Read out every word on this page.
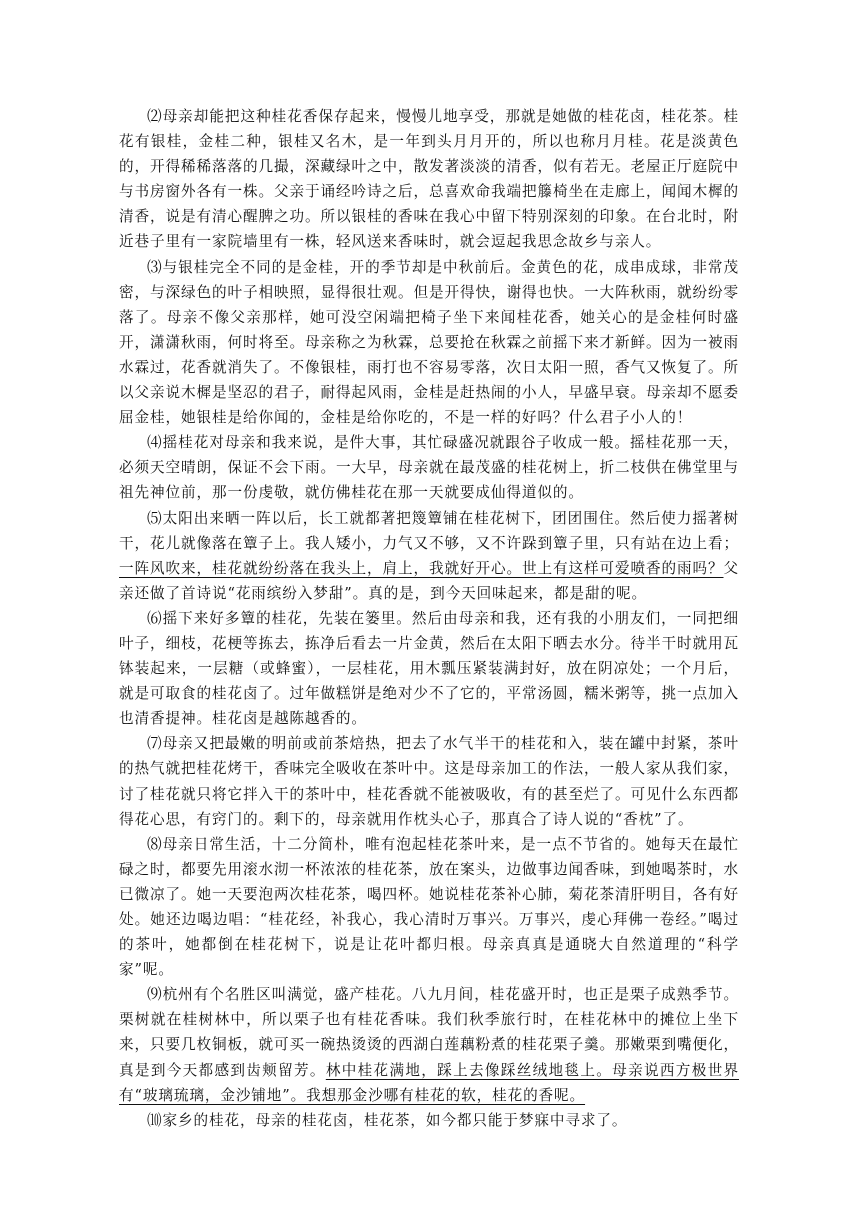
⑵母亲却能把这种桂花香保存起来，慢慢儿地享受，那就是她做的桂花卤，桂花茶。桂花有银桂，金桂二种，银桂又名木，是一年到头月月开的，所以也称月月桂。花是淡黄色的，开得稀稀落落的几撮，深藏绿叶之中，散发著淡淡的清香，似有若无。老屋正厅庭院中与书房窗外各有一株。父亲于诵经吟诗之后，总喜欢命我端把籐椅坐在走廊上，闻闻木樨的清香，说是有清心醒脾之功。所以银桂的香味在我心中留下特别深刻的印象。在台北时，附近巷子里有一家院墙里有一株，轻风送来香味时，就会逗起我思念故乡与亲人。

⑶与银桂完全不同的是金桂，开的季节却是中秋前后。金黄色的花，成串成球，非常茂密，与深绿色的叶子相映照，显得很壮观。但是开得快，谢得也快。一大阵秋雨，就纷纷零落了。母亲不像父亲那样，她可没空闲端把椅子坐下来闻桂花香，她关心的是金桂何时盛开，潇潇秋雨，何时将至。母亲称之为秋霖，总要抢在秋霖之前摇下来才新鲜。因为一被雨水霖过，花香就消失了。不像银桂，雨打也不容易零落，次日太阳一照，香气又恢复了。所以父亲说木樨是坚忍的君子，耐得起风雨，金桂是赶热闹的小人，早盛早衰。母亲却不愿委屈金桂，她银桂是给你闻的，金桂是给你吃的，不是一样的好吗？什么君子小人的！

⑷摇桂花对母亲和我来说，是件大事，其忙碌盛况就跟谷子收成一般。摇桂花那一天，必须天空晴朗，保证不会下雨。一大早，母亲就在最茂盛的桂花树上，折二枝供在佛堂里与祖先神位前，那一份虔敬，就仿佛桂花在那一天就要成仙得道似的。

⑸太阳出来晒一阵以后，长工就都著把篾簟铺在桂花树下，团团围住。然后使力摇著树干，花儿就像落在簟子上。我人矮小，力气又不够，又不许跺到簟子里，只有站在边上看；一阵风吹来，桂花就纷纷落在我头上，肩上，我就好开心。世上有这样可爱喷香的雨吗？父亲还做了首诗说“花雨缤纷入梦甜”。真的是，到今天回味起来，都是甜的呢。

⑹摇下来好多簟的桂花，先装在篓里。然后由母亲和我，还有我的小朋友们，一同把细叶子，细枝，花梗等拣去，拣净后看去一片金黄，然后在太阳下晒去水分。待半干时就用瓦钵装起来，一层糖（或蜂蜜），一层桂花，用木瓢压紧装满封好，放在阴凉处；一个月后，就是可取食的桂花卤了。过年做糕饼是绝对少不了它的，平常汤圆，糯米粥等，挑一点加入也清香提神。桂花卤是越陈越香的。

⑺母亲又把最嫩的明前或前茶焙热，把去了水气半干的桂花和入，装在罐中封紧，茶叶的热气就把桂花烤干，香味完全吸收在茶叶中。这是母亲加工的作法，一般人家从我们家，讨了桂花就只将它拌入干的茶叶中，桂花香就不能被吸收，有的甚至烂了。可见什么东西都得花心思，有窍门的。剩下的，母亲就用作枕头心子，那真合了诗人说的“香枕”了。

⑻母亲日常生活，十二分简朴，唯有泡起桂花茶叶来，是一点不节省的。她每天在最忙碌之时，都要先用滚水沏一杯浓浓的桂花茶，放在案头，边做事边闻香味，到她喝茶时，水已微凉了。她一天要泡两次桂花茶，喝四杯。她说桂花茶补心肺，菊花茶清肝明目，各有好处。她还边喝边唱：“桂花经，补我心，我心清时万事兴。万事兴，虔心拜佛一卷经。”喝过的茶叶，她都倒在桂花树下，说是让花叶都归根。母亲真真是通晓大自然道理的“科学家”呢。

⑼杭州有个名胜区叫满觉，盛产桂花。八九月间，桂花盛开时，也正是栗子成熟季节。栗树就在桂树林中，所以栗子也有桂花香味。我们秋季旅行时，在桂花林中的摊位上坐下来，只要几枚铜板，就可买一碗热烫烫的西湖白莲藕粉煮的桂花栗子羹。那嫩栗到嘴便化，真是到今天都感到齿颊留芳。林中桂花满地，踩上去像踩丝绒地毯上。母亲说西方极世界有“玻璃琉璃，金沙铺地”。我想那金沙哪有桂花的软，桂花的香呢。

⑽家乡的桂花，母亲的桂花卤，桂花茶，如今都只能于梦寐中寻求了。
